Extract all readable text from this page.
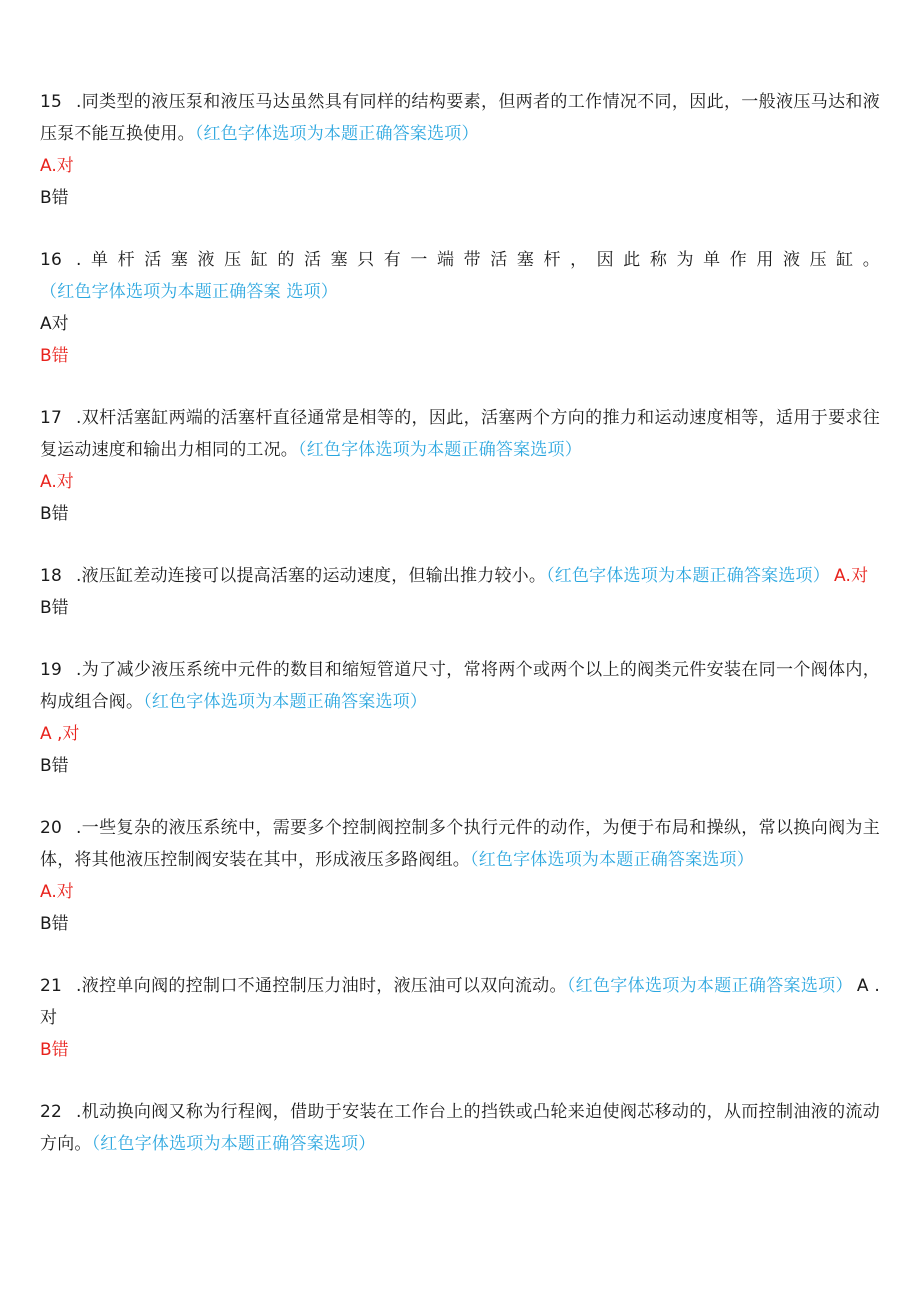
15 .同类型的液压泵和液压马达虽然具有同样的结构要素，但两者的工作情况不同，因此，一般液压马达和液压泵不能互换使用。（红色字体选项为本题正确答案选项）

A.对

B错

16 .单杆活塞液压缸的活塞只有一端带活塞杆，因此称为单作用液压缸。（红色字体选项为本题正确答案 选项）

A对

B错

17 .双杆活塞缸两端的活塞杆直径通常是相等的，因此，活塞两个方向的推力和运动速度相等，适用于要求往复运动速度和输出力相同的工况。（红色字体选项为本题正确答案选项）

A.对

B错

18 .液压缸差动连接可以提高活塞的运动速度，但输出推力较小。（红色字体选项为本题正确答案选项） A.对

B错

19 .为了减少液压系统中元件的数目和缩短管道尺寸，常将两个或两个以上的阀类元件安装在同一个阀体内，构成组合阀。（红色字体选项为本题正确答案选项）

A ,对

B错

20 .一些复杂的液压系统中，需要多个控制阀控制多个执行元件的动作，为便于布局和操纵，常以换向阀为主体，将其他液压控制阀安装在其中，形成液压多路阀组。（红色字体选项为本题正确答案选项）

A.对

B错

21 .液控单向阀的控制口不通控制压力油时，液压油可以双向流动。（红色字体选项为本题正确答案选项） A .对

B错

22 .机动换向阀又称为行程阀，借助于安装在工作台上的挡铁或凸轮来迫使阀芯移动的，从而控制油液的流动方向。（红色字体选项为本题正确答案选项）
